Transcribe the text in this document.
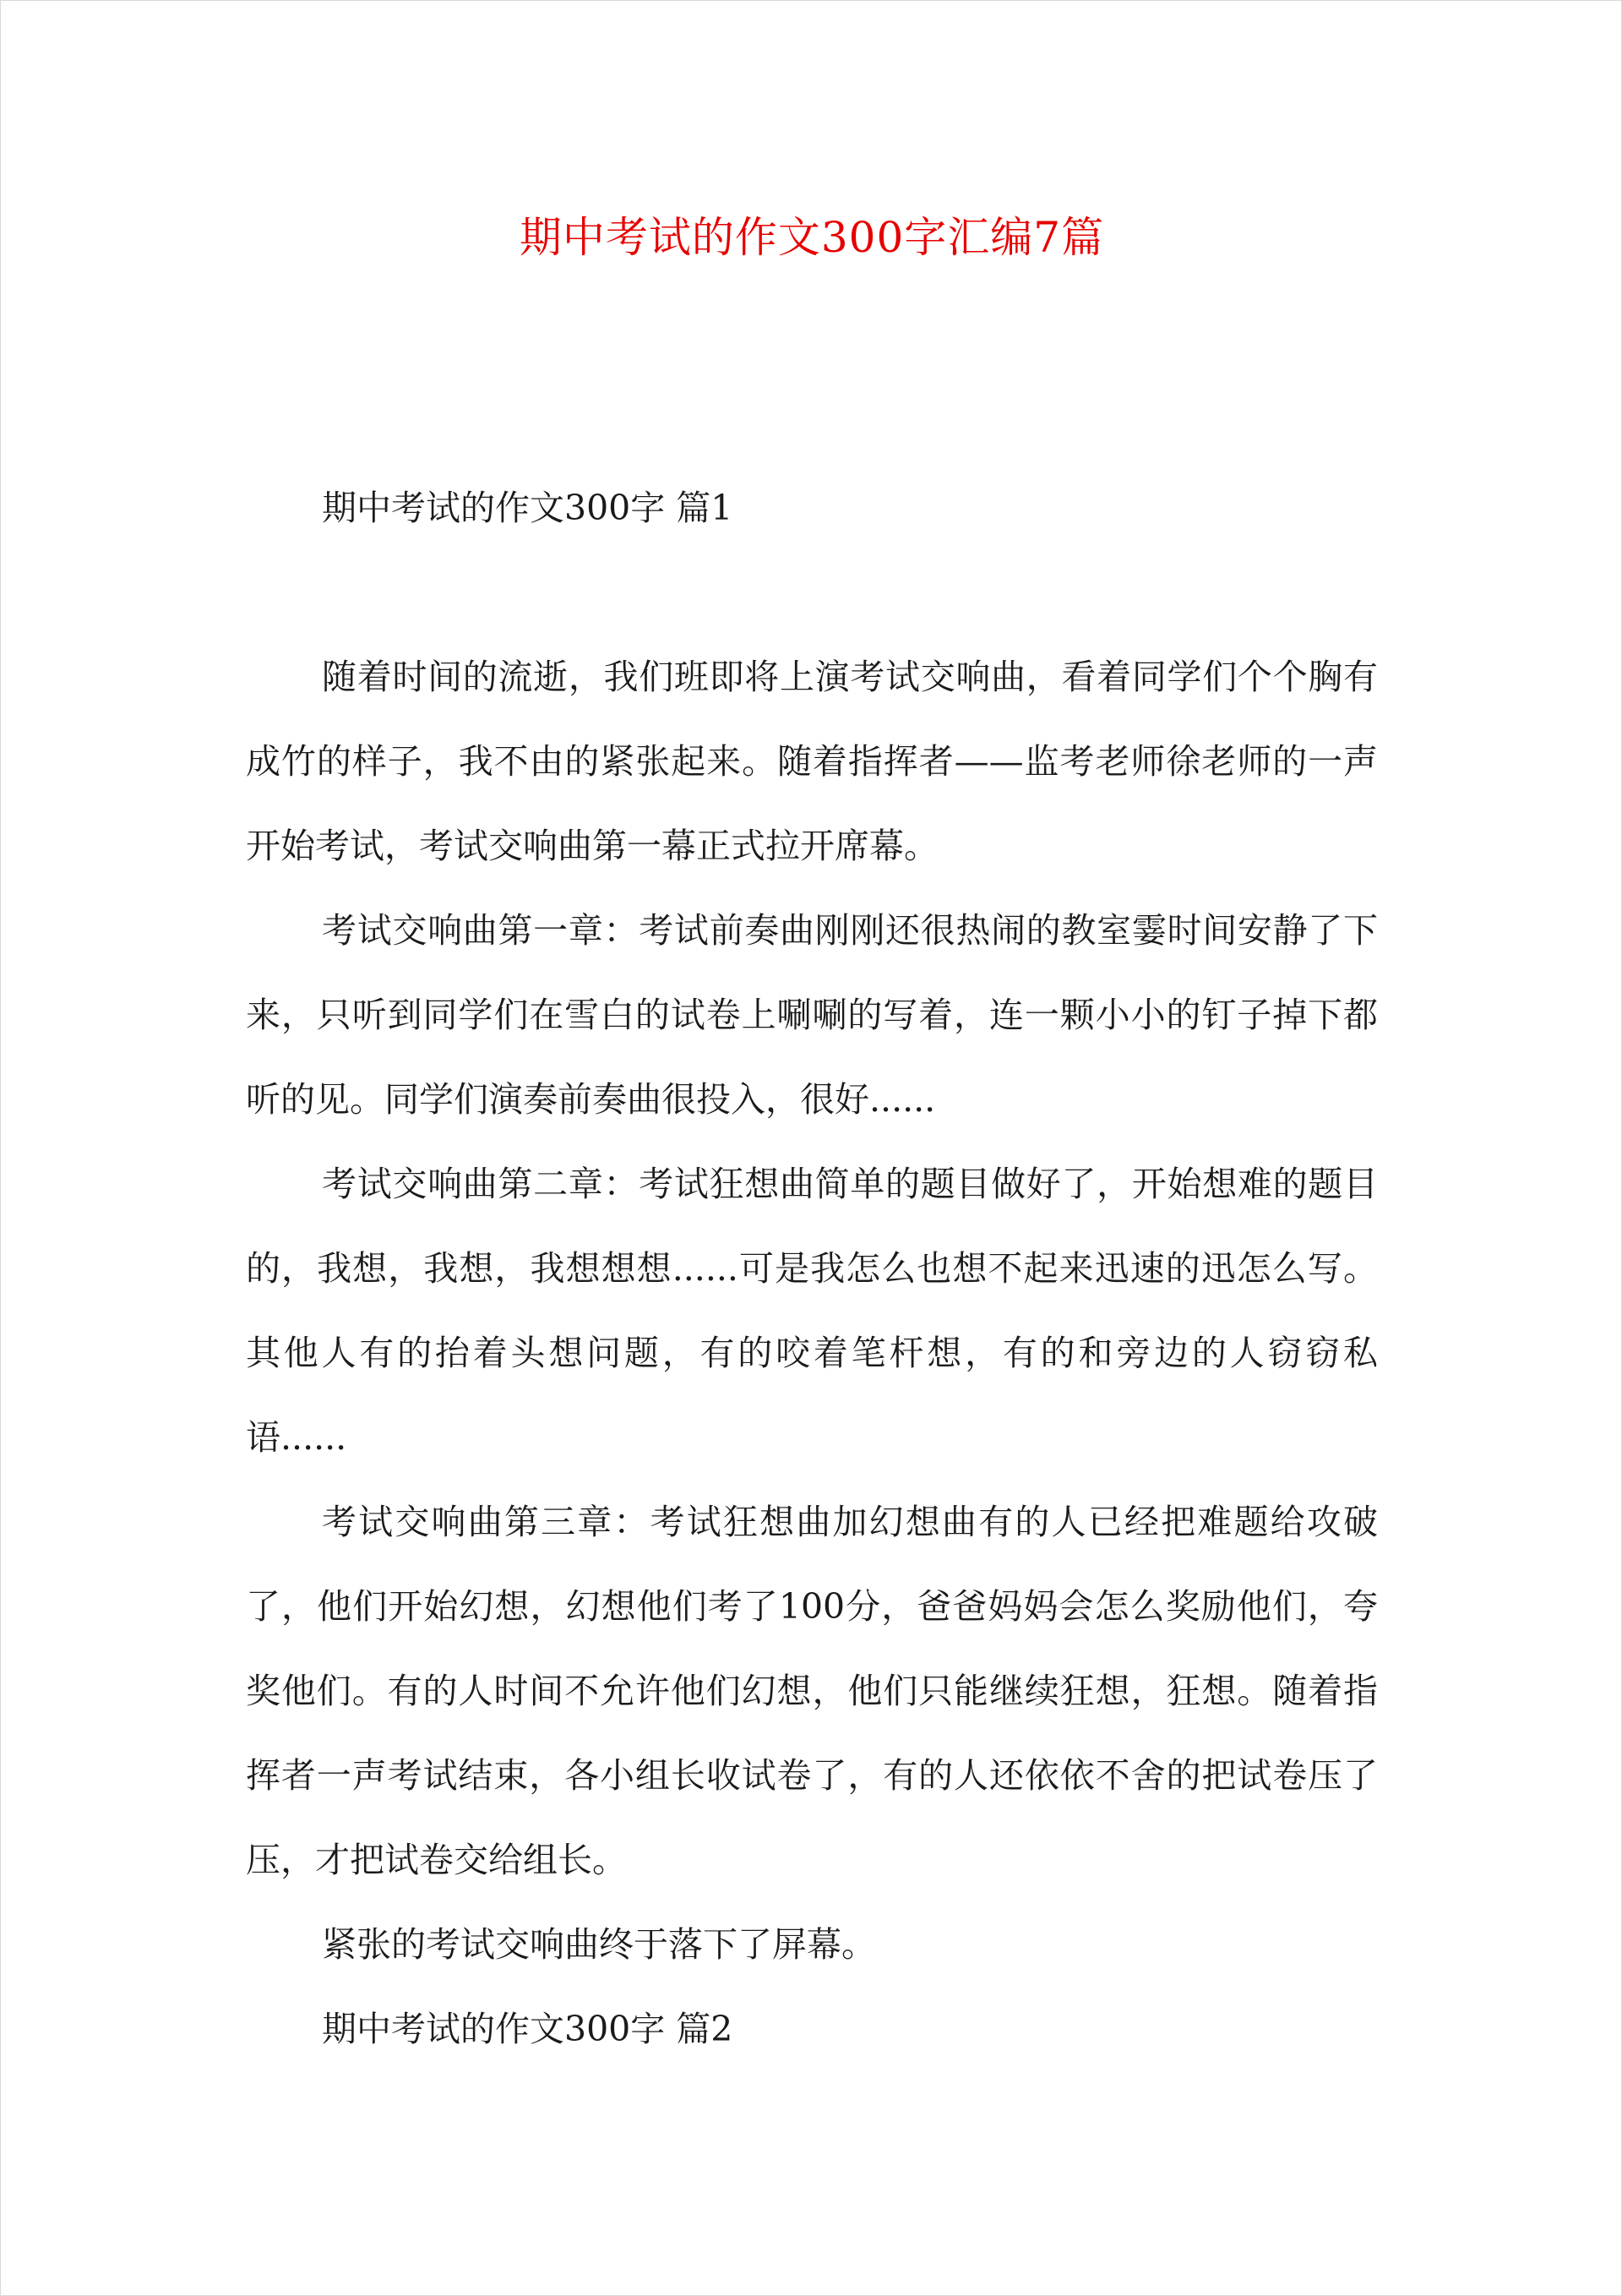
期中考试的作文300字汇编7篇
期中考试的作文300字 篇1

随着时间的流逝，我们班即将上演考试交响曲，看着同学们个个胸有成竹的样子，我不由的紧张起来。随着指挥者——监考老师徐老师的一声开始考试，考试交响曲第一幕正式拉开席幕。

考试交响曲第一章：考试前奏曲刚刚还很热闹的教室霎时间安静了下来，只听到同学们在雪白的试卷上唰唰的写着，连一颗小小的钉子掉下都听的见。同学们演奏前奏曲很投入，很好......

考试交响曲第二章：考试狂想曲简单的题目做好了，开始想难的题目的，我想，我想，我想想想......可是我怎么也想不起来迅速的迅怎么写。其他人有的抬着头想问题，有的咬着笔杆想，有的和旁边的人窃窃私语......

考试交响曲第三章：考试狂想曲加幻想曲有的人已经把难题给攻破了，他们开始幻想，幻想他们考了100分，爸爸妈妈会怎么奖励他们，夸奖他们。有的人时间不允许他们幻想，他们只能继续狂想，狂想。随着指挥者一声考试结束，各小组长收试卷了，有的人还依依不舍的把试卷压了压，才把试卷交给组长。

紧张的考试交响曲终于落下了屏幕。

期中考试的作文300字 篇2
